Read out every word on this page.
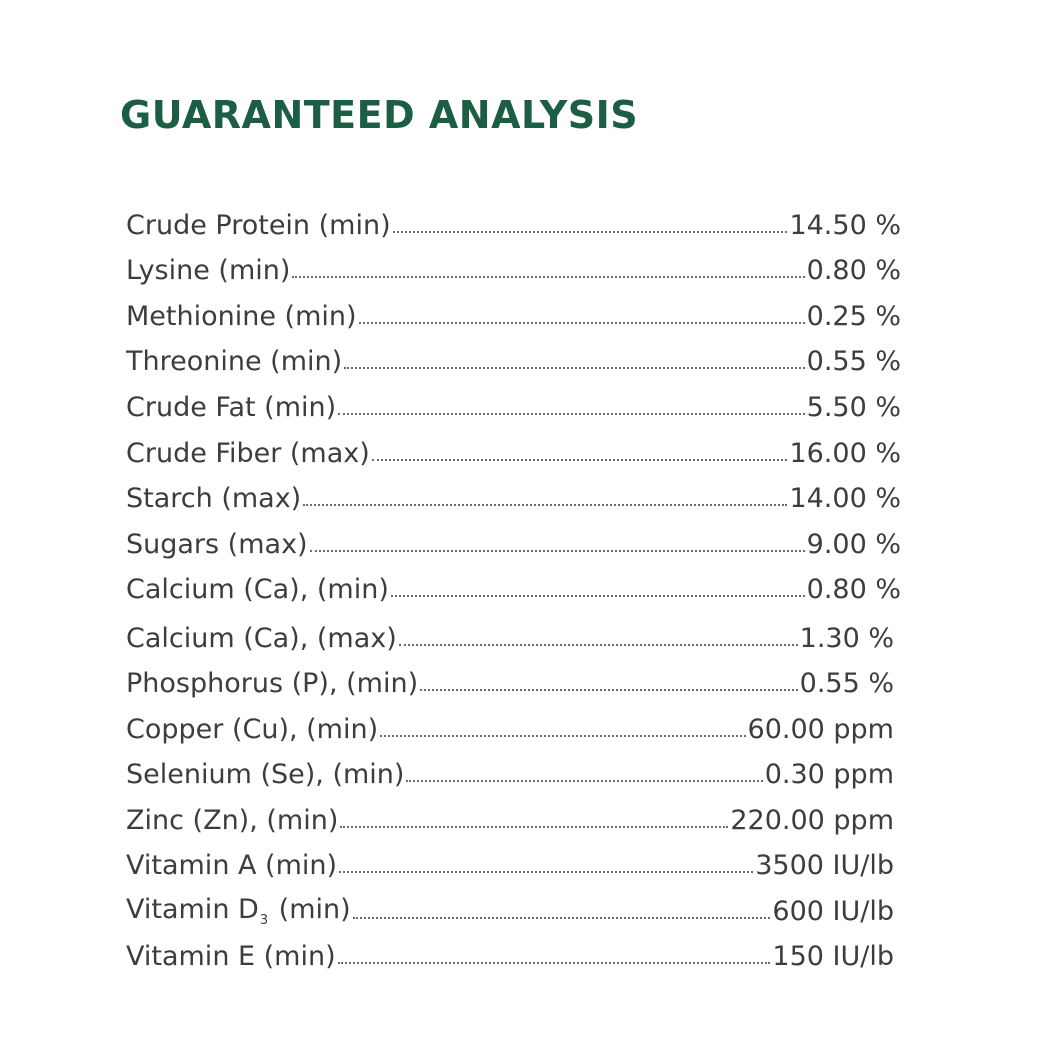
GUARANTEED ANALYSIS
Crude Protein (min)	14.50 %
Lysine (min)	0.80 %
Methionine (min)	0.25 %
Threonine (min)	0.55 %
Crude Fat (min)	5.50 %
Crude Fiber (max)	16.00 %
Starch (max)	14.00 %
Sugars (max)	9.00 %
Calcium (Ca), (min)	0.80 %
Calcium (Ca), (max)	1.30 %
Phosphorus (P), (min)	0.55 %
Copper (Cu), (min)	60.00 ppm
Selenium (Se), (min)	0.30 ppm
Zinc (Zn), (min)	220.00 ppm
Vitamin A (min)	3500 IU/lb
Vitamin $D_3$ (min)	600 IU/lb
Vitamin E (min)	150 IU/lb
